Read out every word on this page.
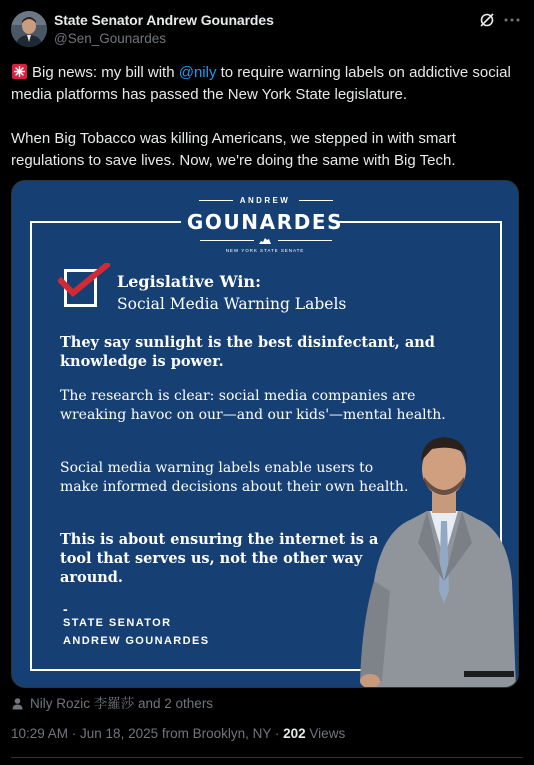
State Senator Andrew Gounardes
@Sen_Gounardes

Big news: my bill with @nily to require warning labels on addictive social media platforms has passed the New York State legislature.

When Big Tobacco was killing Americans, we stepped in with smart regulations to save lives. Now, we're doing the same with Big Tech.

ANDREW
GOUNARDES
NEW YORK STATE SENATE
Legislative Win:
Social Media Warning Labels
They say sunlight is the best disinfectant, and knowledge is power.
The research is clear: social media companies are wreaking havoc on our—and our kids'—mental health.
Social media warning labels enable users to make informed decisions about their own health.
This is about ensuring the internet is a tool that serves us, not the other way around.
-
STATE SENATOR
ANDREW GOUNARDES
Nily Rozic 李羅莎 and 2 others
10:29 AM · Jun 18, 2025 from Brooklyn, NY · 202 Views
